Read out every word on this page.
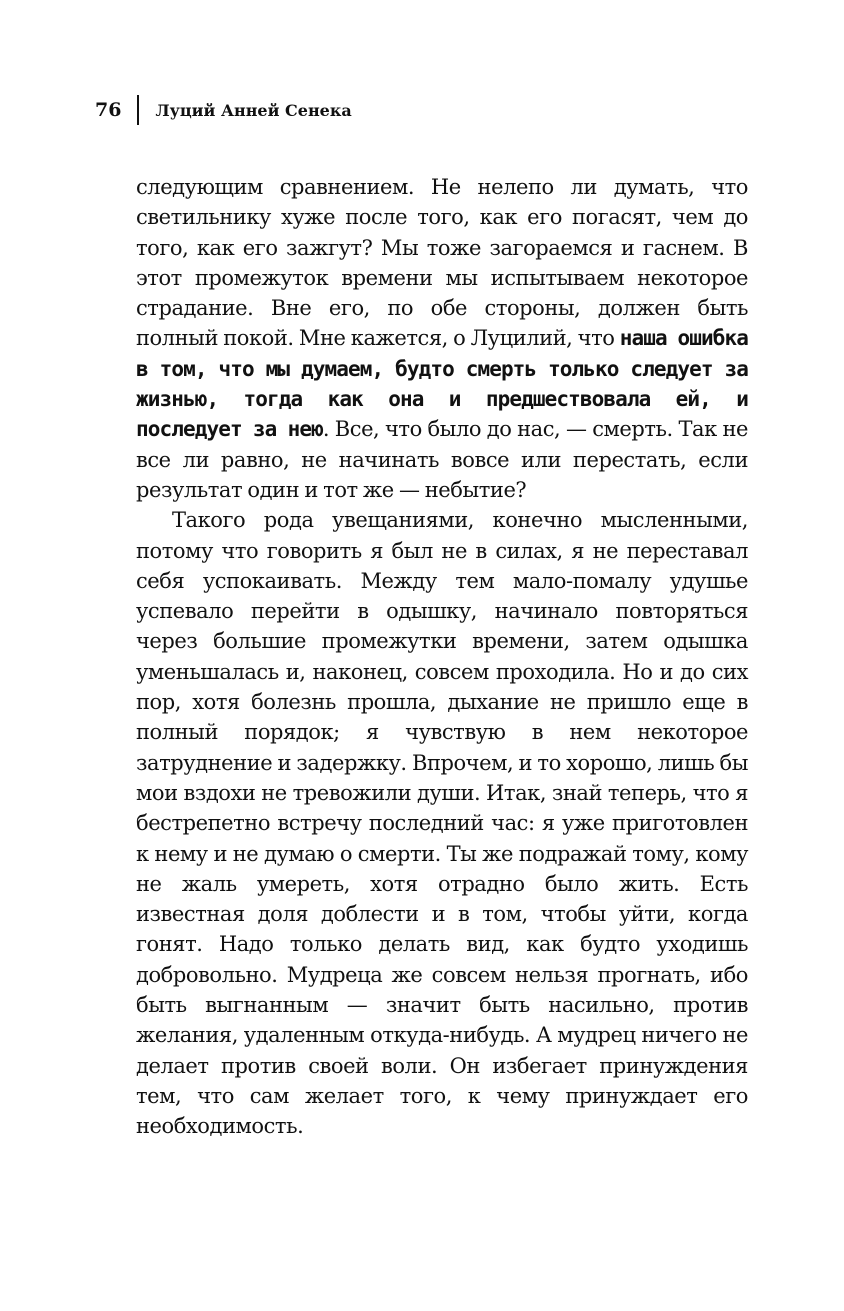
76 Луций Анней Сенека

следующим сравнением. Не нелепо ли думать, что светильнику хуже после того, как его погасят, чем до того, как его зажгут? Мы тоже загораемся и гаснем. В этот промежуток времени мы испытываем некоторое страдание. Вне его, по обе стороны, должен быть полный покой. Мне кажется, о Луцилий, что наша ошибка в том, что мы думаем, будто смерть только следует за жизнью, тогда как она и предшествовала ей, и последует за нею. Все, что было до нас, — смерть. Так не все ли равно, не начинать вовсе или перестать, если результат один и тот же — небытие?

Такого рода увещаниями, конечно мысленными, потому что говорить я был не в силах, я не переставал себя успокаивать. Между тем мало-помалу удушье успевало перейти в одышку, начинало повторяться через большие промежутки времени, затем одышка уменьшалась и, наконец, совсем проходила. Но и до сих пор, хотя болезнь прошла, дыхание не пришло еще в полный порядок; я чувствую в нем некоторое затруднение и задержку. Впрочем, и то хорошо, лишь бы мои вздохи не тревожили души. Итак, знай теперь, что я бестрепетно встречу последний час: я уже приготовлен к нему и не думаю о смерти. Ты же подражай тому, кому не жаль умереть, хотя отрадно было жить. Есть известная доля доблести и в том, чтобы уйти, когда гонят. Надо только делать вид, как будто уходишь добровольно. Мудреца же совсем нельзя прогнать, ибо быть выгнанным — значит быть насильно, против желания, удаленным откуда-нибудь. А мудрец ничего не делает против своей воли. Он избегает принуждения тем, что сам желает того, к чему принуждает его необходимость.
